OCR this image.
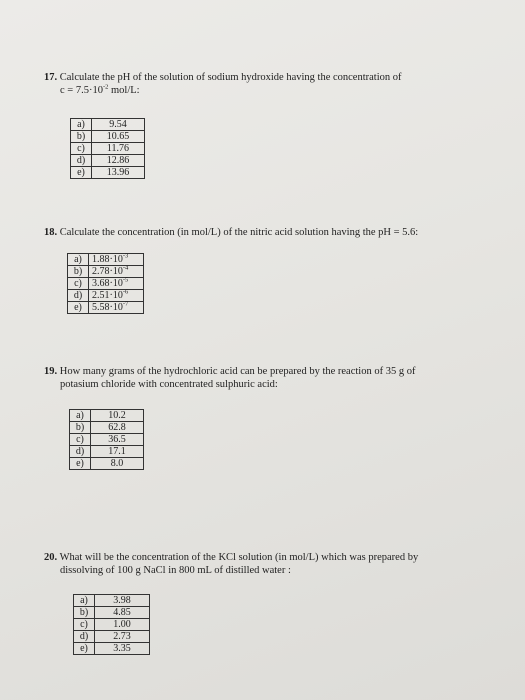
17. Calculate the pH of the solution of sodium hydroxide having the concentration of
$c = 7.5\cdot 10^{-2}$ mol/L:
a)	9.54
b)	10.65
c)	11.76
d)	12.86
e)	13.96
18. Calculate the concentration (in mol/L) of the nitric acid solution having the pH = 5.6:
a)	$1.88\cdot 10^{-3}$
b)	$2.78\cdot 10^{-4}$
c)	$3.68\cdot 10^{-5}$
d)	$2.51\cdot 10^{-6}$
e)	$5.58\cdot 10^{-7}$
19. How many grams of the hydrochloric acid can be prepared by the reaction of 35 g of
potasium chloride with concentrated sulphuric acid:
a)	10.2
b)	62.8
c)	36.5
d)	17.1
e)	8.0
20. What will be the concentration of the KCl solution (in mol/L) which was prepared by
dissolving of 100 g NaCl in 800 mL of distilled water :
a)	3.98
b)	4.85
c)	1.00
d)	2.73
e)	3.35
